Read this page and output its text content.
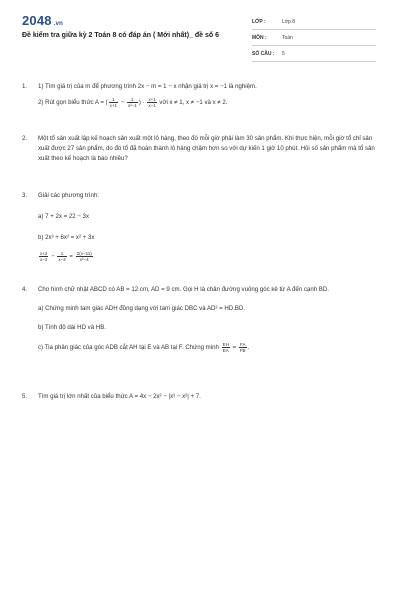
2048 .vn
Đề kiểm tra giữa kỳ 2 Toán 8 có đáp án ( Mới nhất)_ đề số 6
LỚP :	Lớp 8
MÔN :	Toán
SỐ CÂU :	5
1. 1) Tìm giá trị của m để phương trình 2x − m = 1 − x nhận giá trị x = −1 là nghiệm.
2) Rút gọn biểu thức A = ( $\frac{1}{x+1} - \frac{1}{\text{x²−1}}$ ) · $\frac{x+1}{x-1}$ với x ≠ 1, x ≠ −1 và x ≠ 2.
2. Một tổ sản xuất lập kế hoạch sản xuất một lô hàng, theo đó mỗi giờ phải làm 30 sản phẩm. Khi thực hiện, mỗi giờ tổ chỉ sản xuất được 27 sản phẩm, do đó tổ đã hoàn thành lô hàng chậm hơn so với dự kiến 1 giờ 10 phút. Hỏi số sản phẩm mà tổ sản xuất theo kế hoạch là bao nhiêu?
3. Giải các phương trình:
a) 7 + 2x = 22 − 3x
b) 2x³ + 6x² = x² + 3x
$\frac{x+2}{x-2} - \frac{1}{x-2} = \frac{2(x-11)}{\text{x²−4}}$
4. Cho hình chữ nhật ABCD có AB = 12 cm, AD = 9 cm. Gọi H là chân đường vuông góc kẻ từ A đến cạnh BD.
a) Chứng minh tam giác ADH đồng dạng với tam giác DBC và AD² = HD.BD.
b) Tính độ dài HD và HB.
c) Tia phân giác của góc ADB cắt AH tại E và AB tại F. Chứng minh $\frac{EH}{EA} = \frac{FA}{FB}$ .
5. Tìm giá trị lớn nhất của biểu thức A = 4x − 2x² − |x³ − x²| + 7.
